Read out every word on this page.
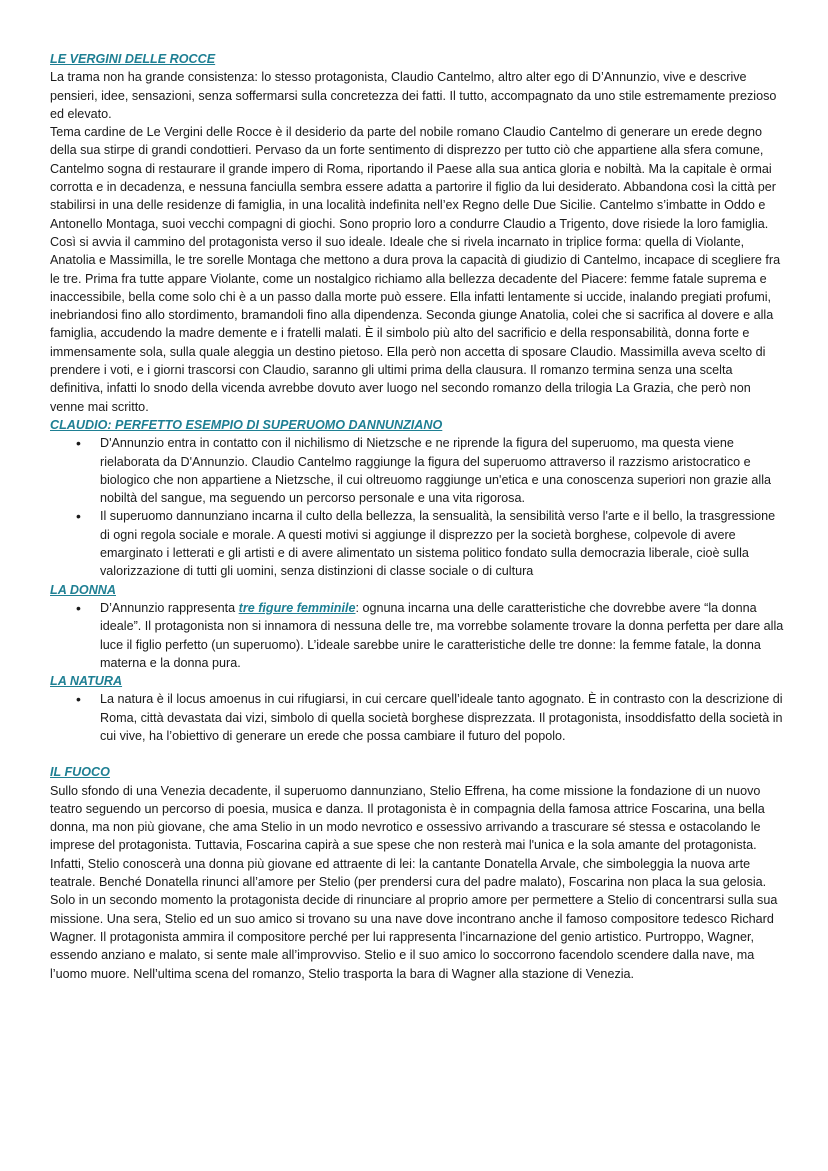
LE VERGINI DELLE ROCCE

La trama non ha grande consistenza: lo stesso protagonista, Claudio Cantelmo, altro alter ego di D’Annunzio, vive e descrive pensieri, idee, sensazioni, senza soffermarsi sulla concretezza dei fatti. Il tutto, accompagnato da uno stile estremamente prezioso ed elevato.

Tema cardine de Le Vergini delle Rocce è il desiderio da parte del nobile romano Claudio Cantelmo di generare un erede degno della sua stirpe di grandi condottieri. Pervaso da un forte sentimento di disprezzo per tutto ciò che appartiene alla sfera comune, Cantelmo sogna di restaurare il grande impero di Roma, riportando il Paese alla sua antica gloria e nobiltà. Ma la capitale è ormai corrotta e in decadenza, e nessuna fanciulla sembra essere adatta a partorire il figlio da lui desiderato. Abbandona così la città per stabilirsi in una delle residenze di famiglia, in una località indefinita nell’ex Regno delle Due Sicilie. Cantelmo s’imbatte in Oddo e Antonello Montaga, suoi vecchi compagni di giochi. Sono proprio loro a condurre Claudio a Trigento, dove risiede la loro famiglia. Così si avvia il cammino del protagonista verso il suo ideale. Ideale che si rivela incarnato in triplice forma: quella di Violante, Anatolia e Massimilla, le tre sorelle Montaga che mettono a dura prova la capacità di giudizio di Cantelmo, incapace di scegliere fra le tre. Prima fra tutte appare Violante, come un nostalgico richiamo alla bellezza decadente del Piacere: femme fatale suprema e inaccessibile, bella come solo chi è a un passo dalla morte può essere. Ella infatti lentamente si uccide, inalando pregiati profumi, inebriandosi fino allo stordimento, bramandoli fino alla dipendenza. Seconda giunge Anatolia, colei che si sacrifica al dovere e alla famiglia, accudendo la madre demente e i fratelli malati. È il simbolo più alto del sacrificio e della responsabilità, donna forte e immensamente sola, sulla quale aleggia un destino pietoso. Ella però non accetta di sposare Claudio. Massimilla aveva scelto di prendere i voti, e i giorni trascorsi con Claudio, saranno gli ultimi prima della clausura. Il romanzo termina senza una scelta definitiva, infatti lo snodo della vicenda avrebbe dovuto aver luogo nel secondo romanzo della trilogia La Grazia, che però non venne mai scritto.

CLAUDIO: PERFETTO ESEMPIO DI SUPERUOMO DANNUNZIANO

• D'Annunzio entra in contatto con il nichilismo di Nietzsche e ne riprende la figura del superuomo, ma questa viene rielaborata da D'Annunzio. Claudio Cantelmo raggiunge la figura del superuomo attraverso il razzismo aristocratico e biologico che non appartiene a Nietzsche, il cui oltreuomo raggiunge un'etica e una conoscenza superiori non grazie alla nobiltà del sangue, ma seguendo un percorso personale e una vita rigorosa.
• Il superuomo dannunziano incarna il culto della bellezza, la sensualità, la sensibilità verso l'arte e il bello, la trasgressione di ogni regola sociale e morale. A questi motivi si aggiunge il disprezzo per la società borghese, colpevole di avere emarginato i letterati e gli artisti e di avere alimentato un sistema politico fondato sulla democrazia liberale, cioè sulla valorizzazione di tutti gli uomini, senza distinzioni di classe sociale o di cultura

LA DONNA

• D’Annunzio rappresenta tre figure femminile: ognuna incarna una delle caratteristiche che dovrebbe avere “la donna ideale”. Il protagonista non si innamora di nessuna delle tre, ma vorrebbe solamente trovare la donna perfetta per dare alla luce il figlio perfetto (un superuomo). L’ideale sarebbe unire le caratteristiche delle tre donne: la femme fatale, la donna materna e la donna pura.

LA NATURA

• La natura è il locus amoenus in cui rifugiarsi, in cui cercare quell’ideale tanto agognato. È in contrasto con la descrizione di Roma, città devastata dai vizi, simbolo di quella società borghese disprezzata. Il protagonista, insoddisfatto della società in cui vive, ha l’obiettivo di generare un erede che possa cambiare il futuro del popolo.

IL FUOCO

Sullo sfondo di una Venezia decadente, il superuomo dannunziano, Stelio Effrena, ha come missione la fondazione di un nuovo teatro seguendo un percorso di poesia, musica e danza. Il protagonista è in compagnia della famosa attrice Foscarina, una bella donna, ma non più giovane, che ama Stelio in un modo nevrotico e ossessivo arrivando a trascurare sé stessa e ostacolando le imprese del protagonista. Tuttavia, Foscarina capirà a sue spese che non resterà mai l'unica e la sola amante del protagonista. Infatti, Stelio conoscerà una donna più giovane ed attraente di lei: la cantante Donatella Arvale, che simboleggia la nuova arte teatrale. Benché Donatella rinunci all’amore per Stelio (per prendersi cura del padre malato), Foscarina non placa la sua gelosia. Solo in un secondo momento la protagonista decide di rinunciare al proprio amore per permettere a Stelio di concentrarsi sulla sua missione. Una sera, Stelio ed un suo amico si trovano su una nave dove incontrano anche il famoso compositore tedesco Richard Wagner. Il protagonista ammira il compositore perché per lui rappresenta l’incarnazione del genio artistico. Purtroppo, Wagner, essendo anziano e malato, si sente male all’improvviso. Stelio e il suo amico lo soccorrono facendolo scendere dalla nave, ma l’uomo muore. Nell’ultima scena del romanzo, Stelio trasporta la bara di Wagner alla stazione di Venezia.
